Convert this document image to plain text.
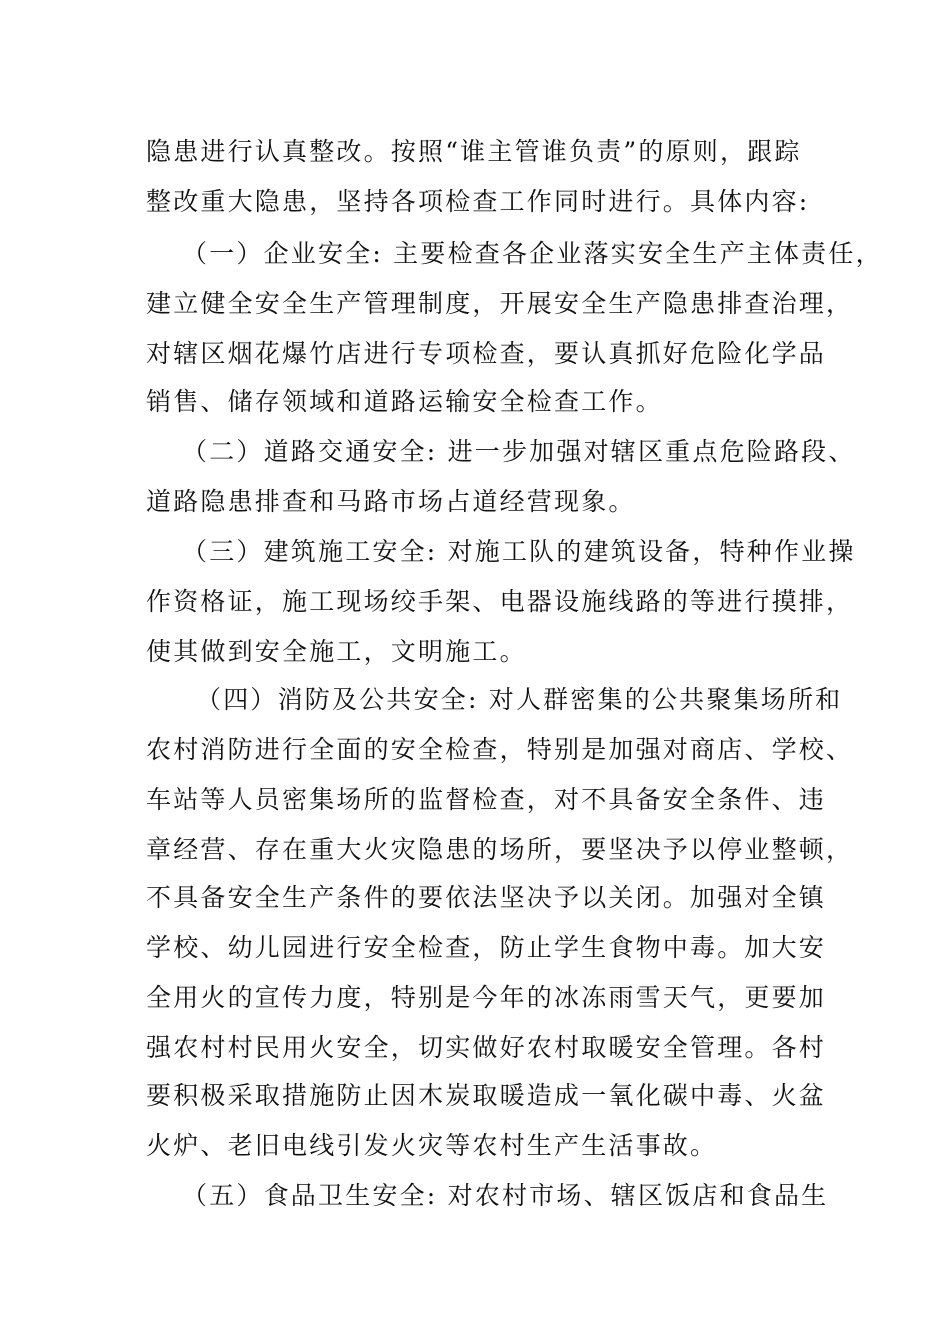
隐患进行认真整改。按照“谁主管谁负责”的原则，跟踪
整改重大隐患，坚持各项检查工作同时进行。具体内容:
（一）企业安全: 主要检查各企业落实安全生产主体责任，
建立健全安全生产管理制度，开展安全生产隐患排查治理，
对辖区烟花爆竹店进行专项检查，要认真抓好危险化学品
销售、储存领域和道路运输安全检查工作。
（二）道路交通安全: 进一步加强对辖区重点危险路段、
道路隐患排查和马路市场占道经营现象。
（三）建筑施工安全: 对施工队的建筑设备，特种作业操
作资格证，施工现场绞手架、电器设施线路的等进行摸排，
使其做到安全施工，文明施工。
（四）消防及公共安全: 对人群密集的公共聚集场所和
农村消防进行全面的安全检查，特别是加强对商店、学校、
车站等人员密集场所的监督检查，对不具备安全条件、违
章经营、存在重大火灾隐患的场所，要坚决予以停业整顿，
不具备安全生产条件的要依法坚决予以关闭。加强对全镇
学校、幼儿园进行安全检查，防止学生食物中毒。加大安
全用火的宣传力度，特别是今年的冰冻雨雪天气，更要加
强农村村民用火安全，切实做好农村取暖安全管理。各村
要积极采取措施防止因木炭取暖造成一氧化碳中毒、火盆
火炉、老旧电线引发火灾等农村生产生活事故。
（五）食品卫生安全: 对农村市场、辖区饭店和食品生
